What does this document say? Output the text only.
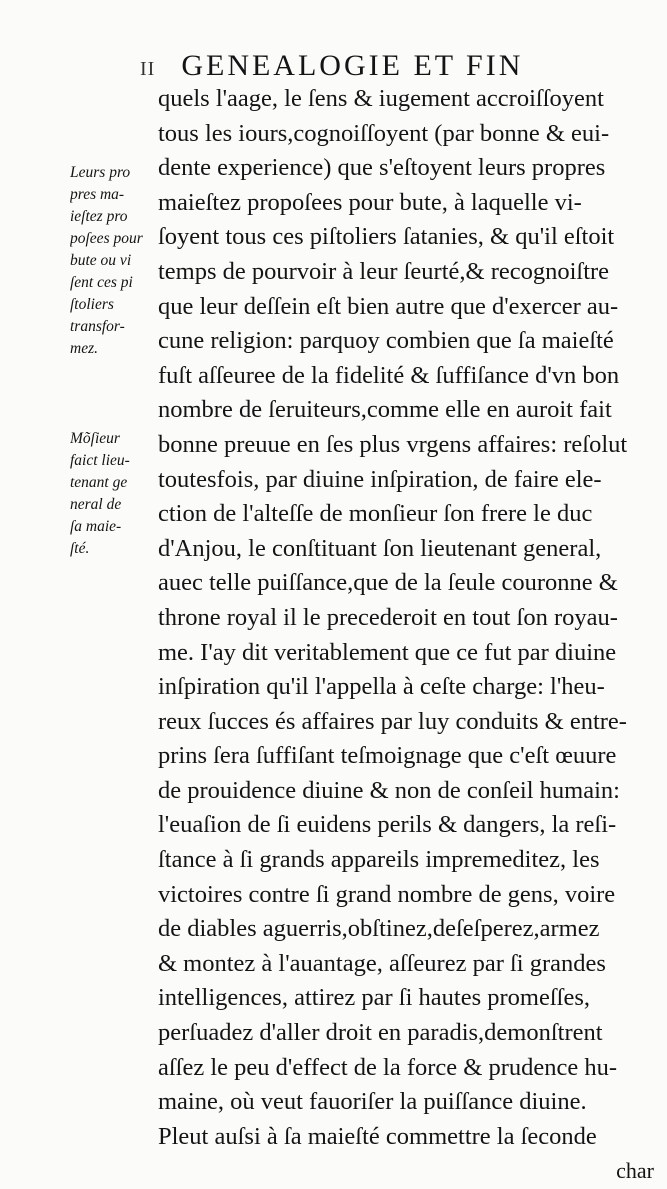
II GENEALOGIE ET FIN
Leurs pro
pres ma-
ieſtez pro
poſees pour
bute ou vi
ſent ces pi
ſtoliers
transfor-
mez.
Mõſieur
faict lieu-
tenant ge
neral de
ſa maie-
ſté.
quels l'aage, le ſens & iugement accroiſſoyent
tous les iours,cognoiſſoyent (par bonne & eui-
dente experience) que s'eſtoyent leurs propres
maieſtez propoſees pour bute, à laquelle vi-
ſoyent tous ces piſtoliers ſatanies, & qu'il eſtoit
temps de pourvoir à leur ſeurté,& recognoiſtre
que leur deſſein eſt bien autre que d'exercer au-
cune religion: parquoy combien que ſa maieſté
fuſt aſſeuree de la fidelité & ſuffiſance d'vn bon
nombre de ſeruiteurs,comme elle en auroit fait
bonne preuue en ſes plus vrgens affaires: reſolut
toutesfois, par diuine inſpiration, de faire ele-
ction de l'alteſſe de monſieur ſon frere le duc
d'Anjou, le conſtituant ſon lieutenant general,
auec telle puiſſance,que de la ſeule couronne &
throne royal il le precederoit en tout ſon royau-
me. I'ay dit veritablement que ce fut par diuine
inſpiration qu'il l'appella à ceſte charge: l'heu-
reux ſucces és affaires par luy conduits & entre-
prins ſera ſuffiſant teſmoignage que c'eſt œuure
de prouidence diuine & non de conſeil humain:
l'euaſion de ſi euidens perils & dangers, la reſi-
ſtance à ſi grands appareils impremeditez, les
victoires contre ſi grand nombre de gens, voire
de diables aguerris,obſtinez,deſeſperez,armez
& montez à l'auantage, aſſeurez par ſi grandes
intelligences, attirez par ſi hautes promeſſes,
perſuadez d'aller droit en paradis,demonſtrent
aſſez le peu d'effect de la force & prudence hu-
maine, où veut fauoriſer la puiſſance diuine.
Pleut auſsi à ſa maieſté commettre la ſeconde
char
